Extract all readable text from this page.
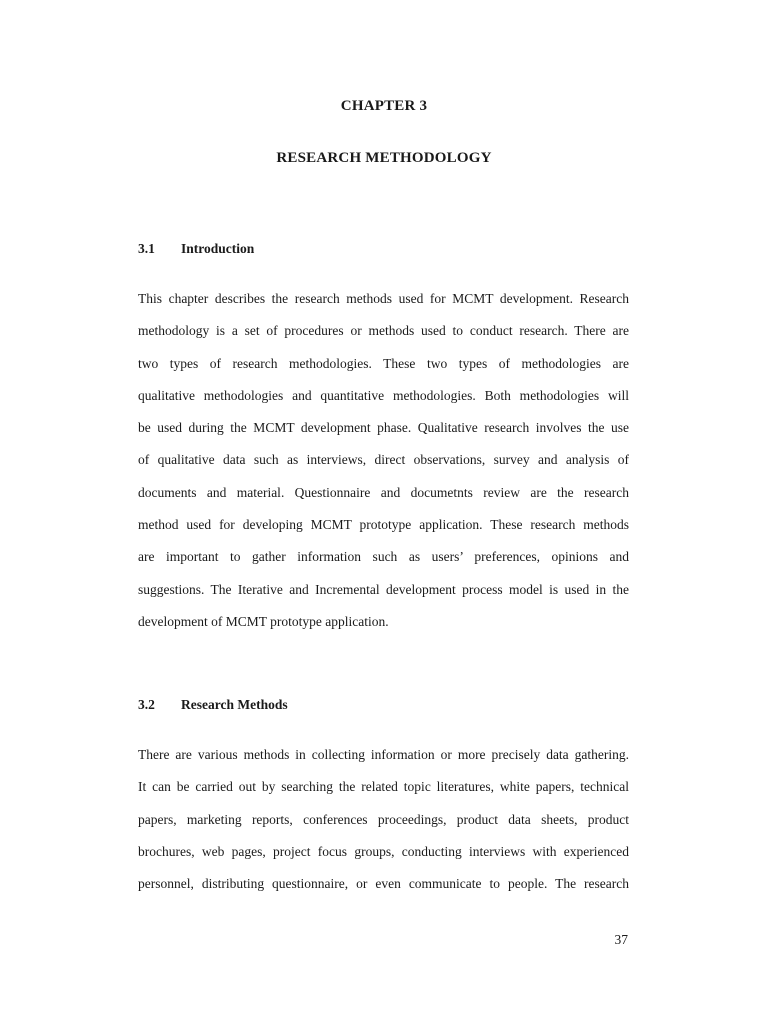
CHAPTER 3
RESEARCH METHODOLOGY
3.1 Introduction
This chapter describes the research methods used for MCMT development. Research
methodology is a set of procedures or methods used to conduct research. There are
two types of research methodologies. These two types of methodologies are
qualitative methodologies and quantitative methodologies. Both methodologies will
be used during the MCMT development phase. Qualitative research involves the use
of qualitative data such as interviews, direct observations, survey and analysis of
documents and material. Questionnaire and documetnts review are the research
method used for developing MCMT prototype application. These research methods
are important to gather information such as users’ preferences, opinions and
suggestions. The Iterative and Incremental development process model is used in the
development of MCMT prototype application.
3.2 Research Methods
There are various methods in collecting information or more precisely data gathering.
It can be carried out by searching the related topic literatures, white papers, technical
papers, marketing reports, conferences proceedings, product data sheets, product
brochures, web pages, project focus groups, conducting interviews with experienced
personnel, distributing questionnaire, or even communicate to people. The research
37
